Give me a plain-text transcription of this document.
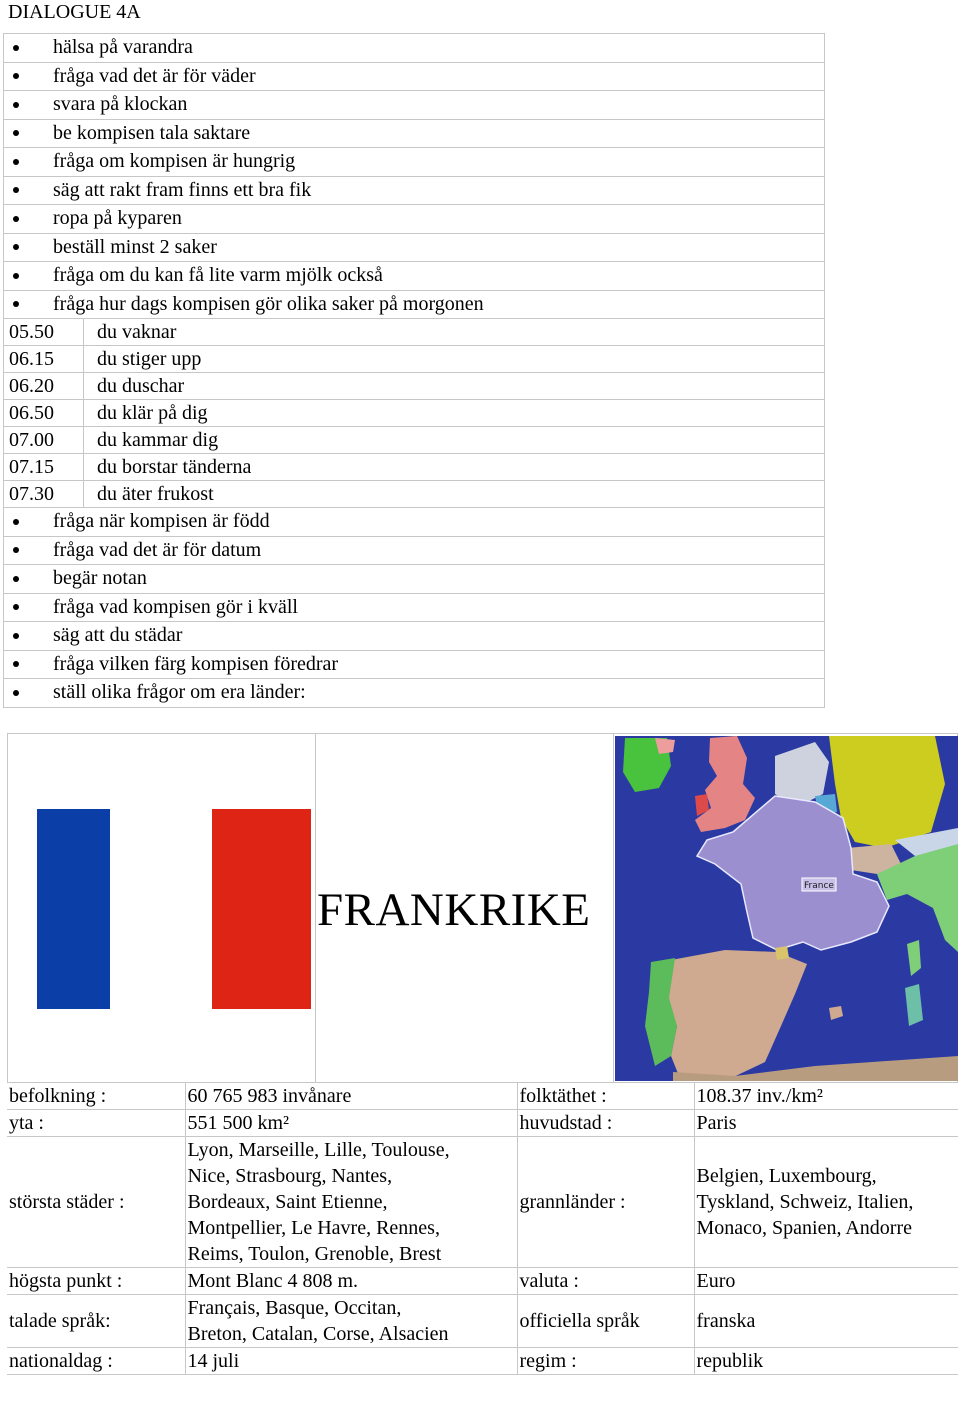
DIALOGUE 4A
hälsa på varandra

fråga vad det är för väder

svara på klockan

be kompisen tala saktare

fråga om kompisen är hungrig

säg att rakt fram finns ett bra fik

ropa på kyparen

beställ minst 2 saker

fråga om du kan få lite varm mjölk också

fråga hur dags kompisen gör olika saker på morgonen

05.50	du vaknar

06.15	du stiger upp

06.20	du duschar

06.50	du klär på dig

07.00	du kammar dig

07.15	du borstar tänderna

07.30	du äter frukost

fråga när kompisen är född

fråga vad det är för datum

begär notan

fråga vad kompisen gör i kväll

säg att du städar

fråga vilken färg kompisen föredrar

ställ olika frågor om era länder:
FRANKRIKE	France
befolkning :	60 765 983 invånare	folktäthet :	108.37 inv./km²
yta :	551 500 km²	huvudstad :	Paris
största städer :	Lyon, Marseille, Lille, Toulouse, Nice, Strasbourg, Nantes, Bordeaux, Saint Etienne, Montpellier, Le Havre, Rennes, Reims, Toulon, Grenoble, Brest	grannländer :	Belgien, Luxembourg, Tyskland, Schweiz, Italien, Monaco, Spanien, Andorre
högsta punkt :	Mont Blanc 4 808 m.	valuta :	Euro
talade språk:	Français, Basque, Occitan, Breton, Catalan, Corse, Alsacien	officiella språk	franska
nationaldag :	14 juli	regim :	republik
